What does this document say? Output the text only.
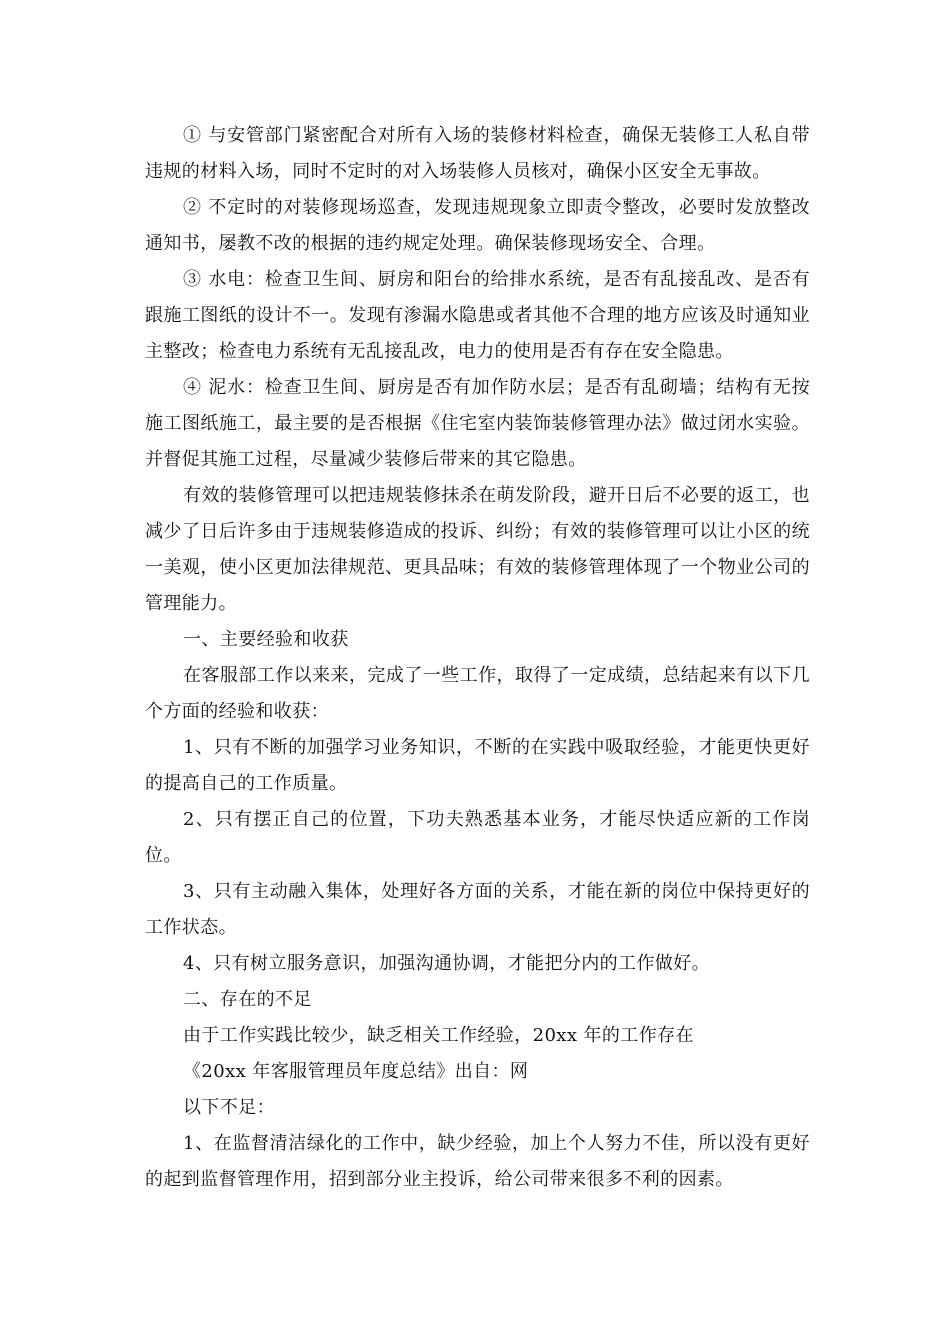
① 与安管部门紧密配合对所有入场的装修材料检查，确保无装修工人私自带违规的材料入场，同时不定时的对入场装修人员核对，确保小区安全无事故。

② 不定时的对装修现场巡查，发现违规现象立即责令整改，必要时发放整改通知书，屡教不改的根据的违约规定处理。确保装修现场安全、合理。

③ 水电：检查卫生间、厨房和阳台的给排水系统，是否有乱接乱改、是否有跟施工图纸的设计不一。发现有渗漏水隐患或者其他不合理的地方应该及时通知业主整改；检查电力系统有无乱接乱改，电力的使用是否有存在安全隐患。

④ 泥水：检查卫生间、厨房是否有加作防水层；是否有乱砌墙；结构有无按施工图纸施工，最主要的是否根据《住宅室内装饰装修管理办法》做过闭水实验。并督促其施工过程，尽量减少装修后带来的其它隐患。

有效的装修管理可以把违规装修抹杀在萌发阶段，避开日后不必要的返工，也减少了日后许多由于违规装修造成的投诉、纠纷；有效的装修管理可以让小区的统一美观，使小区更加法律规范、更具品味；有效的装修管理体现了一个物业公司的管理能力。

一、主要经验和收获

在客服部工作以来来，完成了一些工作，取得了一定成绩，总结起来有以下几个方面的经验和收获：

1、只有不断的加强学习业务知识，不断的在实践中吸取经验，才能更快更好的提高自己的工作质量。

2、只有摆正自己的位置，下功夫熟悉基本业务，才能尽快适应新的工作岗位。

3、只有主动融入集体，处理好各方面的关系，才能在新的岗位中保持更好的工作状态。

4、只有树立服务意识，加强沟通协调，才能把分内的工作做好。

二、存在的不足

由于工作实践比较少，缺乏相关工作经验，20xx 年的工作存在

《20xx 年客服管理员年度总结》出自：网

以下不足：

1、在监督清洁绿化的工作中，缺少经验，加上个人努力不佳，所以没有更好的起到监督管理作用，招到部分业主投诉，给公司带来很多不利的因素。
